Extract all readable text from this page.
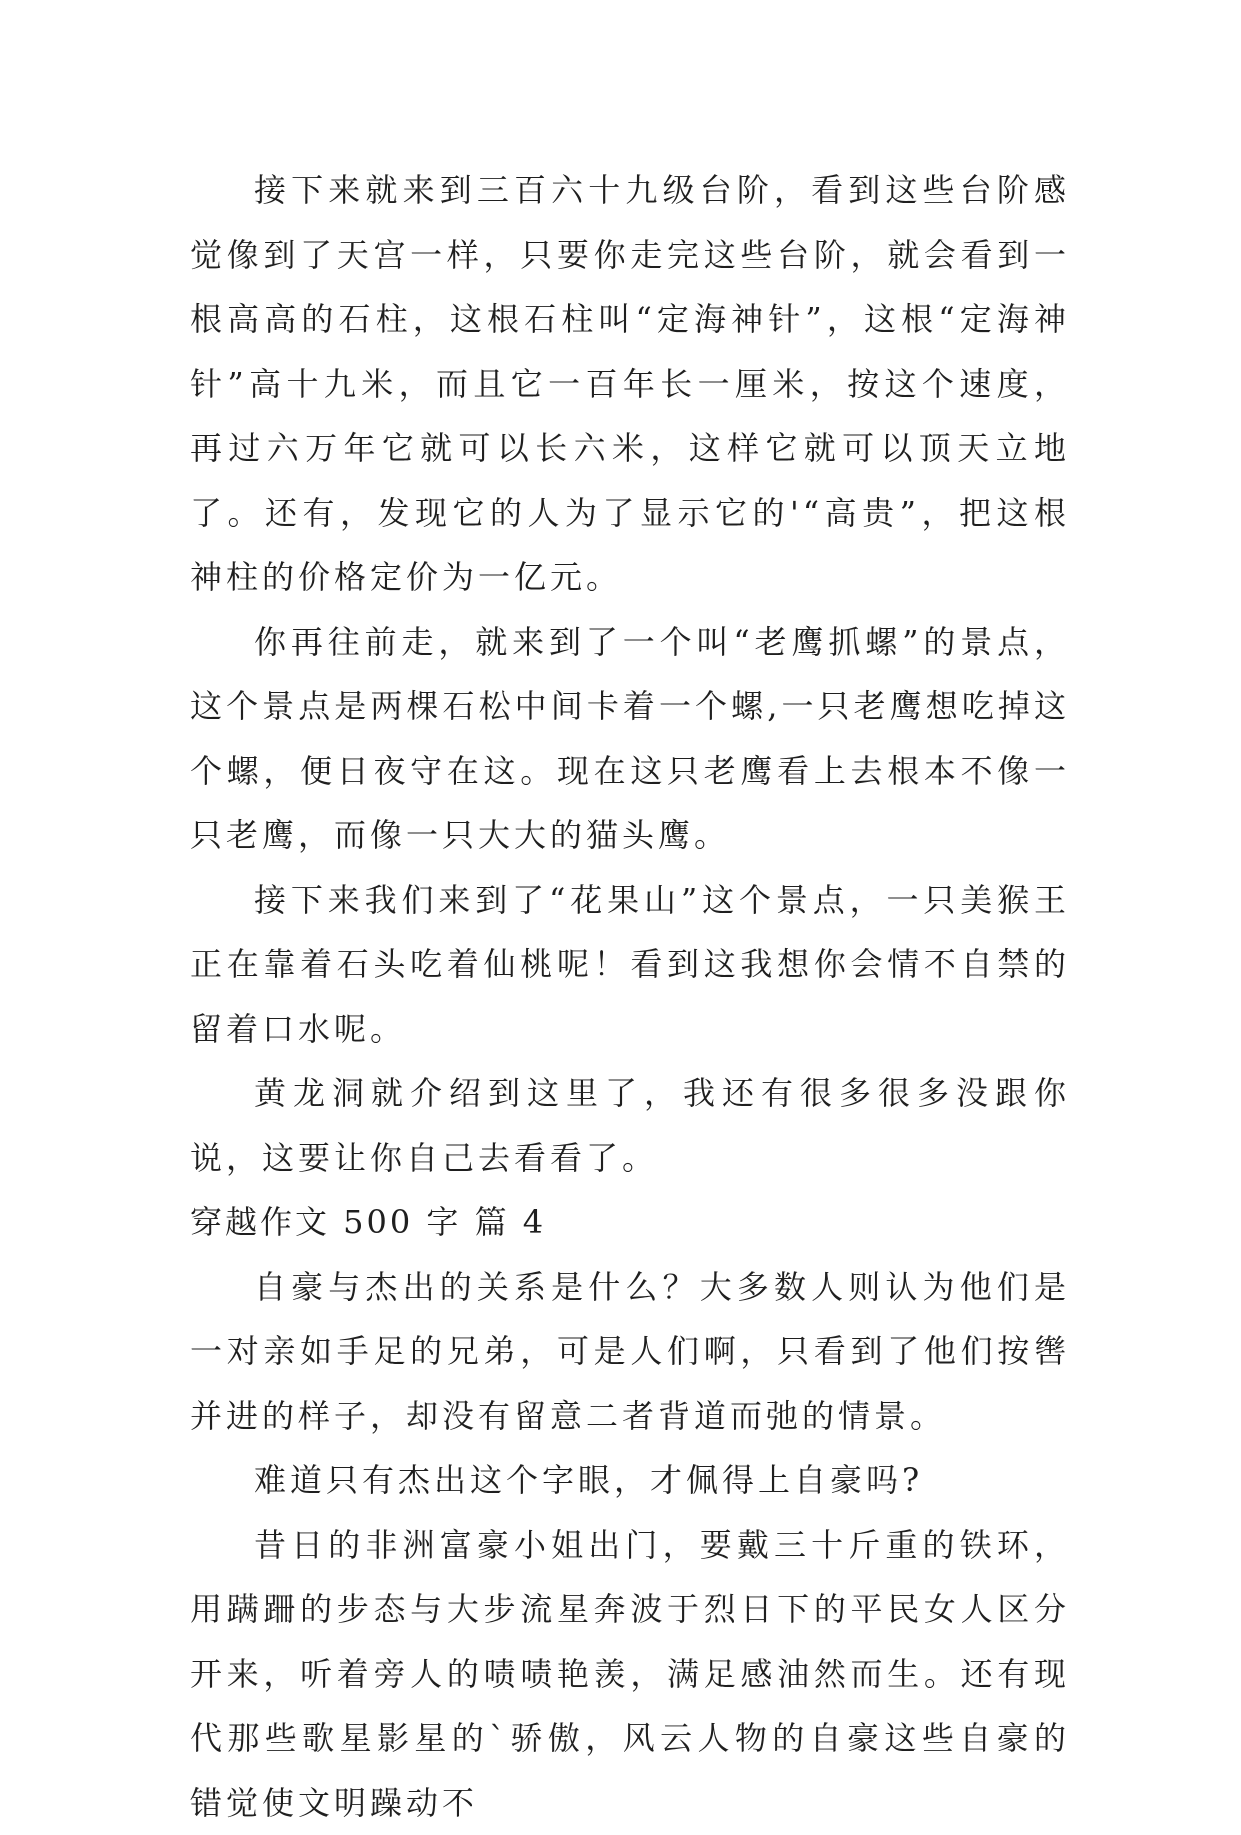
接下来就来到三百六十九级台阶，看到这些台阶感觉像到了天宫一样，只要你走完这些台阶，就会看到一根高高的石柱，这根石柱叫“定海神针”，这根“定海神针”高十九米，而且它一百年长一厘米，按这个速度，再过六万年它就可以长六米，这样它就可以顶天立地了。还有，发现它的人为了显示它的'“高贵”，把这根神柱的价格定价为一亿元。

你再往前走，就来到了一个叫“老鹰抓螺”的景点，这个景点是两棵石松中间卡着一个螺,一只老鹰想吃掉这个螺，便日夜守在这。现在这只老鹰看上去根本不像一只老鹰，而像一只大大的猫头鹰。

接下来我们来到了“花果山”这个景点，一只美猴王正在靠着石头吃着仙桃呢！看到这我想你会情不自禁的留着口水呢。

黄龙洞就介绍到这里了，我还有很多很多没跟你说，这要让你自己去看看了。

穿越作文 500 字 篇 4

自豪与杰出的关系是什么？大多数人则认为他们是一对亲如手足的兄弟，可是人们啊，只看到了他们按辔并进的样子，却没有留意二者背道而弛的情景。

难道只有杰出这个字眼，才佩得上自豪吗?

昔日的非洲富豪小姐出门，要戴三十斤重的铁环，用蹒跚的步态与大步流星奔波于烈日下的平民女人区分开来，听着旁人的啧啧艳羡，满足感油然而生。还有现代那些歌星影星的`骄傲，风云人物的自豪这些自豪的错觉使文明躁动不
